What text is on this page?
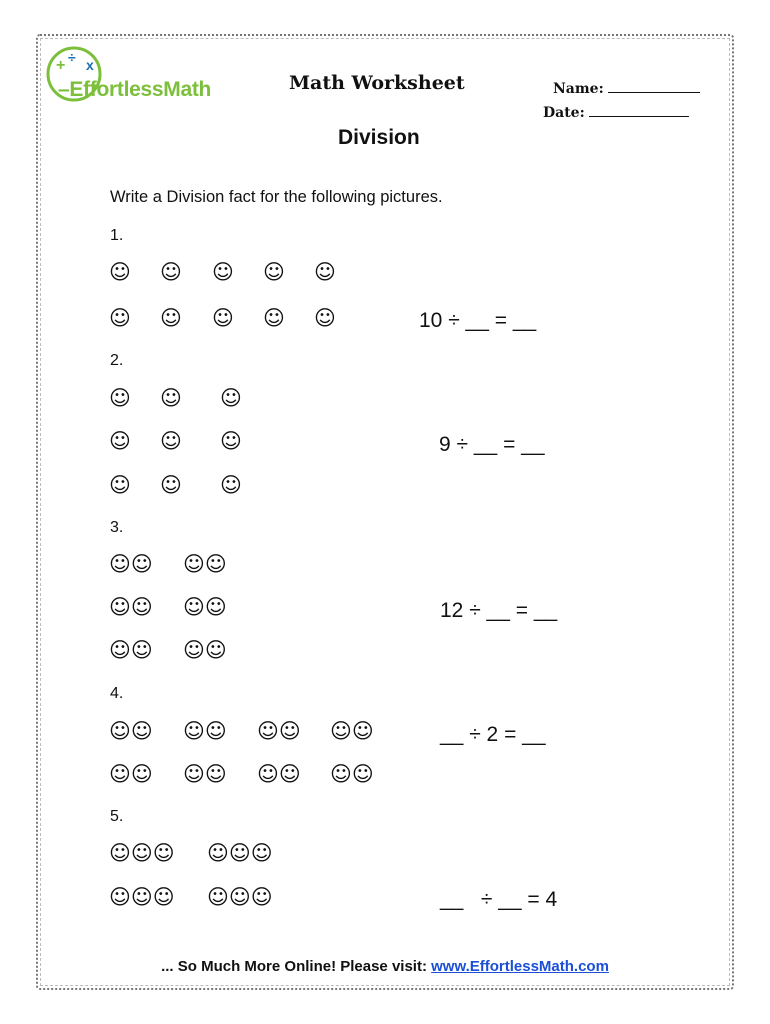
+ ÷ x
–EffortlessMath	Math Worksheet	Name:
Date:
Division
Write a Division fact for the following pictures.
1.
2.
3.
4.
5.
10 ÷ __ = __
9 ÷ __ = __
12 ÷ __ = __
__ ÷ 2 = __
__   ÷ __ = 4
☺ ☺ ☺ ☺ ☺
☺ ☺ ☺ ☺ ☺
☺ ☺ ☺
☺ ☺ ☺
☺ ☺ ☺
☺☺ ☺☺
☺☺ ☺☺
☺☺ ☺☺
☺☺ ☺☺ ☺☺ ☺☺
☺☺ ☺☺ ☺☺ ☺☺
☺☺☺ ☺☺☺
☺☺☺ ☺☺☺
... So Much More Online! Please visit: www.EffortlessMath.com
